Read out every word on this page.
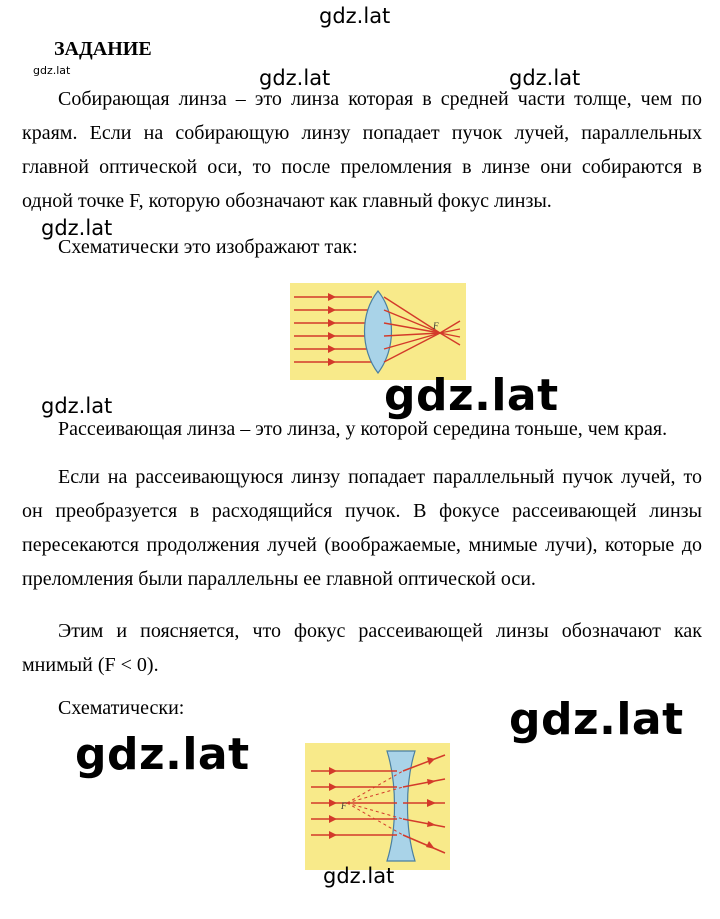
gdz.lat
gdz.lat	gdz.lat	gdz.lat
gdz.lat
gdz.lat
ЗАДАНИЕ
Собирающая линза – это линза которая в средней части толще, чем по краям. Если на собирающую линзу попадает пучок лучей, параллельных главной оптической оси, то после преломления в линзе они собираются в одной точке F, которую обозначают как главный фокус линзы.
Схематически это изображают так:
F
gdz.lat
Рассеивающая линза – это линза, у которой середина тоньше, чем края.
Если на рассеивающуюся линзу попадает параллельный пучок лучей, то он преобразуется в расходящийся пучок. В фокусе рассеивающей линзы пересекаются продолжения лучей (воображаемые, мнимые лучи), которые до преломления были параллельны ее главной оптической оси.
Этим и поясняется, что фокус рассеивающей линзы обозначают как мнимый (F < 0).
Схематически:	gdz.lat
gdz.lat
F
gdz.lat
